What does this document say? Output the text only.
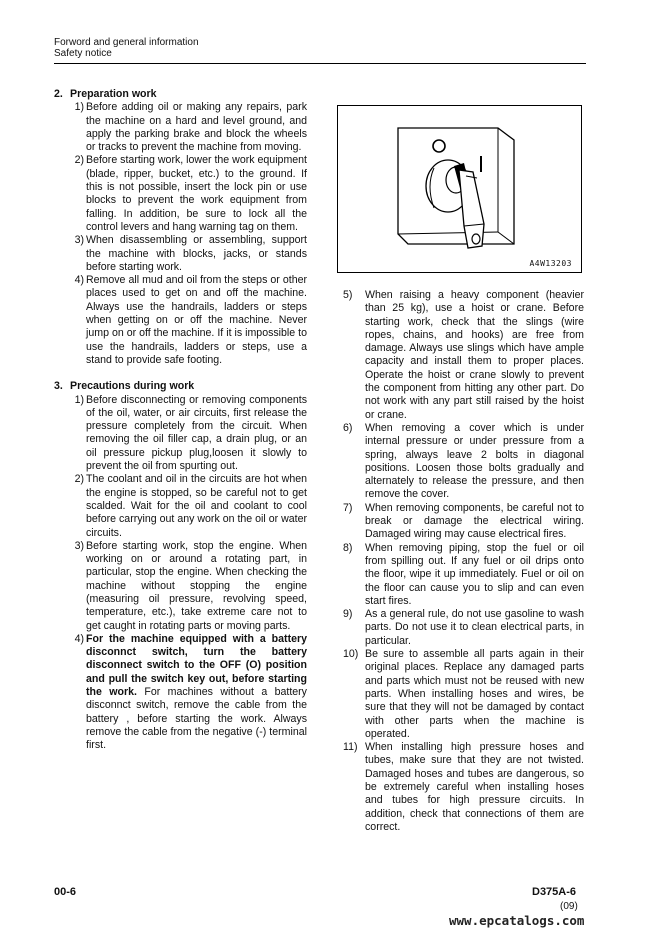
Forword and general information
Safety notice
2. Preparation work
1) Before adding oil or making any repairs, park the machine on a hard and level ground, and apply the parking brake and block the wheels or tracks to prevent the machine from moving.
2) Before starting work, lower the work equipment (blade, ripper, bucket, etc.) to the ground. If this is not possible, insert the lock pin or use blocks to prevent the work equipment from falling. In addition, be sure to lock all the control levers and hang warning tag on them.
3) When disassembling or assembling, support the machine with blocks, jacks, or stands before starting work.
4) Remove all mud and oil from the steps or other places used to get on and off the machine. Always use the handrails, ladders or steps when getting on or off the machine. Never jump on or off the machine. If it is impossible to use the handrails, ladders or steps, use a stand to provide safe footing.
3. Precautions during work
1) Before disconnecting or removing components of the oil, water, or air circuits, first release the pressure completely from the circuit. When removing the oil filler cap, a drain plug, or an oil pressure pickup plug,loosen it slowly to prevent the oil from spurting out.
2) The coolant and oil in the circuits are hot when the engine is stopped, so be careful not to get scalded. Wait for the oil and coolant to cool before carrying out any work on the oil or water circuits.
3) Before starting work, stop the engine. When working on or around a rotating part, in particular, stop the engine. When checking the machine without stopping the engine (measuring oil pressure, revolving speed, temperature, etc.), take extreme care not to get caught in rotating parts or moving parts.
4) For the machine equipped with a battery disconnct switch, turn the battery disconnect switch to the OFF (O) position and pull the switch key out, before starting the work. For machines without a battery disconnct switch, remove the cable from the battery , before starting the work. Always remove the cable from the negative (-) terminal first.
A4W13203
5)	When raising a heavy component (heavier than 25 kg), use a hoist or crane. Before starting work, check that the slings (wire ropes, chains, and hooks) are free from damage. Always use slings which have ample capacity and install them to proper places. Operate the hoist or crane slowly to prevent the component from hitting any other part. Do not work with any part still raised by the hoist or crane.
6)	When removing a cover which is under internal pressure or under pressure from a spring, always leave 2 bolts in diagonal positions. Loosen those bolts gradually and alternately to release the pressure, and then remove the cover.
7)	When removing components, be careful not to break or damage the electrical wiring. Damaged wiring may cause electrical fires.
8)	When removing piping, stop the fuel or oil from spilling out. If any fuel or oil drips onto the floor, wipe it up immediately. Fuel or oil on the floor can cause you to slip and can even start fires.
9)	As a general rule, do not use gasoline to wash parts. Do not use it to clean electrical parts, in particular.
10) Be sure to assemble all parts again in their original places. Replace any damaged parts and parts which must not be reused with new parts. When installing hoses and wires, be sure that they will not be damaged by contact with other parts when the machine is operated.
11) When installing high pressure hoses and tubes, make sure that they are not twisted. Damaged hoses and tubes are dangerous, so be extremely careful when installing hoses and tubes for high pressure circuits. In addition, check that connections of them are correct.
00-6	D375A-6
(09)
www.epcatalogs.com
